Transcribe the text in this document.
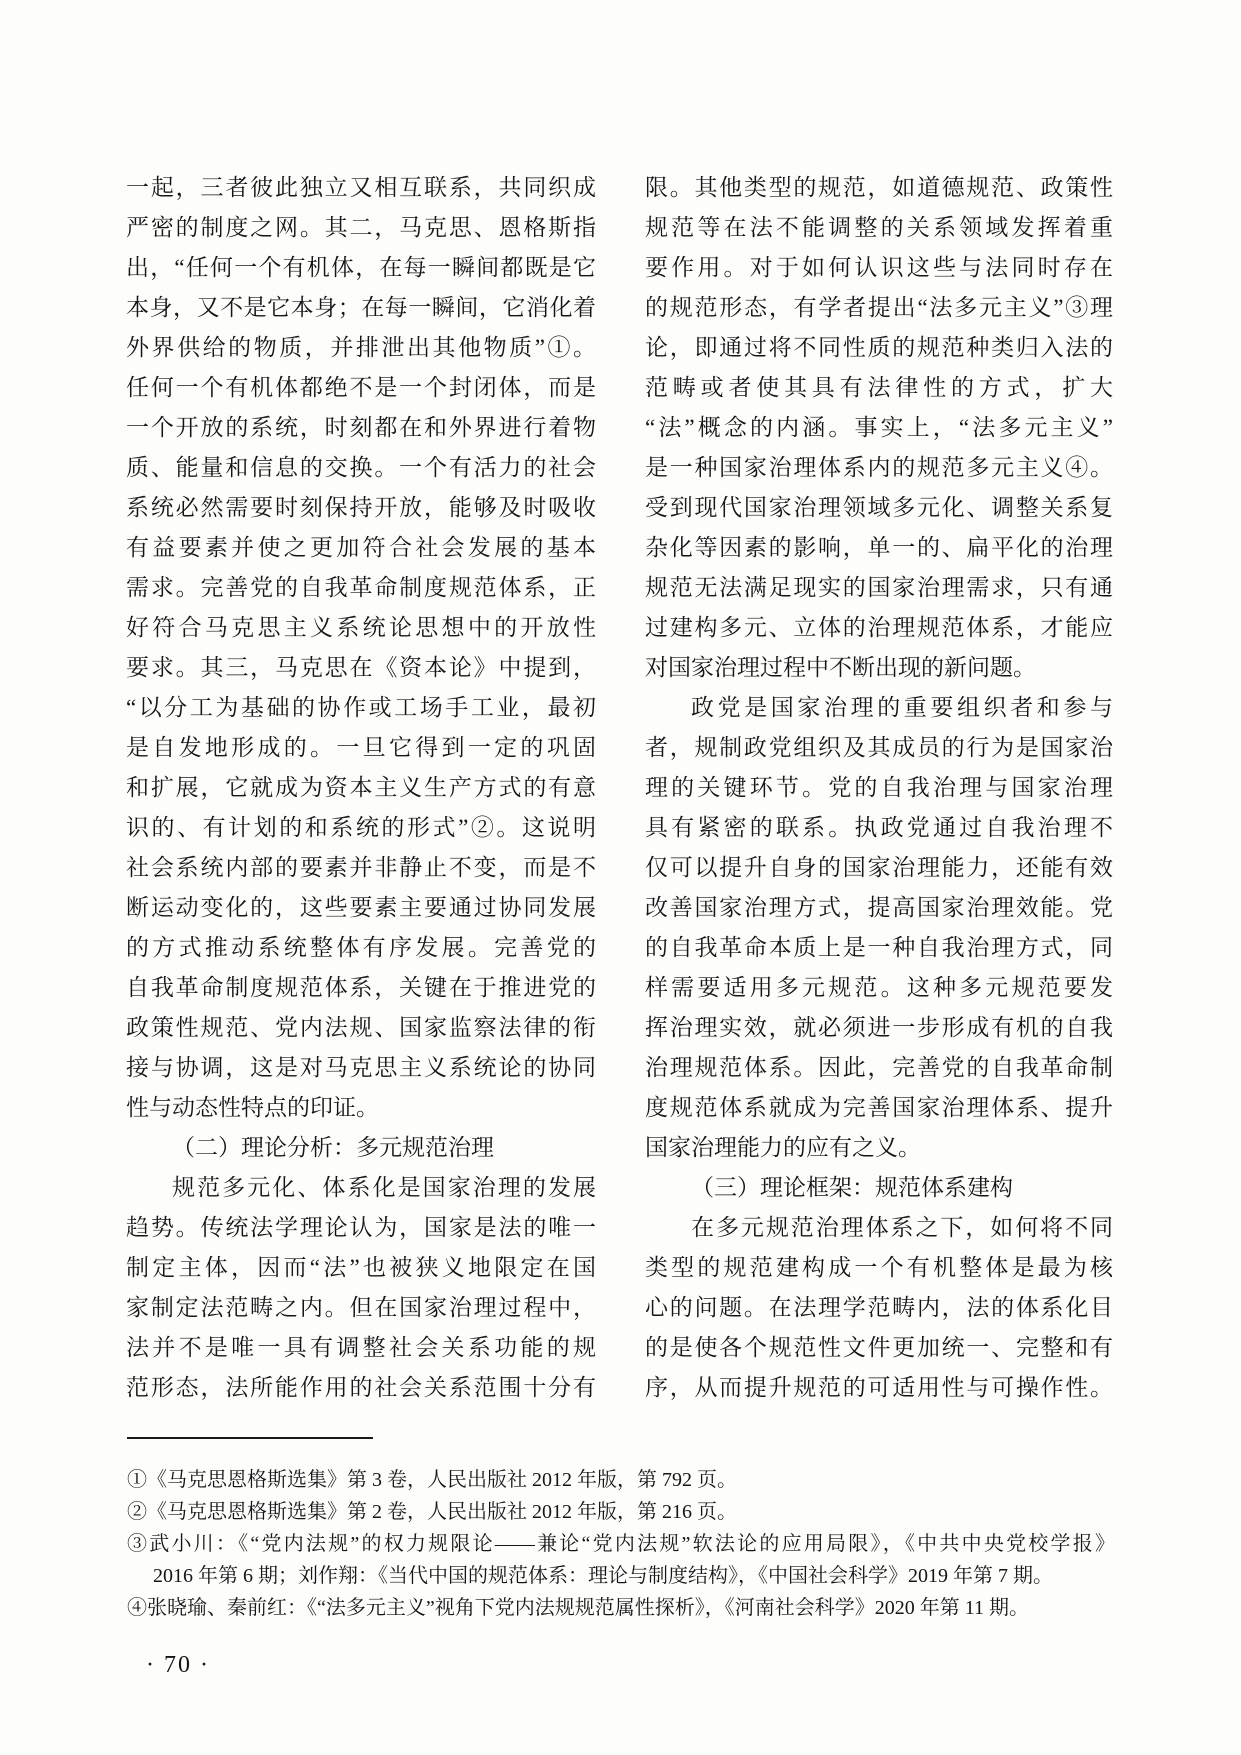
一起，三者彼此独立又相互联系，共同织成
严密的制度之网。其二，马克思、恩格斯指
出，“任何一个有机体，在每一瞬间都既是它
本身，又不是它本身；在每一瞬间，它消化着
外界供给的物质，并排泄出其他物质”①。
任何一个有机体都绝不是一个封闭体，而是
一个开放的系统，时刻都在和外界进行着物
质、能量和信息的交换。一个有活力的社会
系统必然需要时刻保持开放，能够及时吸收
有益要素并使之更加符合社会发展的基本
需求。完善党的自我革命制度规范体系，正
好符合马克思主义系统论思想中的开放性
要求。其三，马克思在《资本论》中提到，
“以分工为基础的协作或工场手工业，最初
是自发地形成的。一旦它得到一定的巩固
和扩展，它就成为资本主义生产方式的有意
识的、有计划的和系统的形式”②。这说明
社会系统内部的要素并非静止不变，而是不
断运动变化的，这些要素主要通过协同发展
的方式推动系统整体有序发展。完善党的
自我革命制度规范体系，关键在于推进党的
政策性规范、党内法规、国家监察法律的衔
接与协调，这是对马克思主义系统论的协同
性与动态性特点的印证。
（二）理论分析：多元规范治理
规范多元化、体系化是国家治理的发展
趋势。传统法学理论认为，国家是法的唯一
制定主体，因而“法”也被狭义地限定在国
家制定法范畴之内。但在国家治理过程中，
法并不是唯一具有调整社会关系功能的规
范形态，法所能作用的社会关系范围十分有
限。其他类型的规范，如道德规范、政策性
规范等在法不能调整的关系领域发挥着重
要作用。对于如何认识这些与法同时存在
的规范形态，有学者提出“法多元主义”③理
论，即通过将不同性质的规范种类归入法的
范畴或者使其具有法律性的方式，扩大
“法”概念的内涵。事实上，“法多元主义”
是一种国家治理体系内的规范多元主义④。
受到现代国家治理领域多元化、调整关系复
杂化等因素的影响，单一的、扁平化的治理
规范无法满足现实的国家治理需求，只有通
过建构多元、立体的治理规范体系，才能应
对国家治理过程中不断出现的新问题。
政党是国家治理的重要组织者和参与
者，规制政党组织及其成员的行为是国家治
理的关键环节。党的自我治理与国家治理
具有紧密的联系。执政党通过自我治理不
仅可以提升自身的国家治理能力，还能有效
改善国家治理方式，提高国家治理效能。党
的自我革命本质上是一种自我治理方式，同
样需要适用多元规范。这种多元规范要发
挥治理实效，就必须进一步形成有机的自我
治理规范体系。因此，完善党的自我革命制
度规范体系就成为完善国家治理体系、提升
国家治理能力的应有之义。
（三）理论框架：规范体系建构
在多元规范治理体系之下，如何将不同
类型的规范建构成一个有机整体是最为核
心的问题。在法理学范畴内，法的体系化目
的是使各个规范性文件更加统一、完整和有
序，从而提升规范的可适用性与可操作性。
①《马克思恩格斯选集》第 3 卷，人民出版社 2012 年版，第 792 页。
②《马克思恩格斯选集》第 2 卷，人民出版社 2012 年版，第 216 页。
③武小川：《“党内法规”的权力规限论——兼论“党内法规”软法论的应用局限》，《中共中央党校学报》
2016 年第 6 期；刘作翔：《当代中国的规范体系：理论与制度结构》，《中国社会科学》2019 年第 7 期。
④张晓瑜、秦前红：《“法多元主义”视角下党内法规规范属性探析》，《河南社会科学》2020 年第 11 期。
· 70 ·
